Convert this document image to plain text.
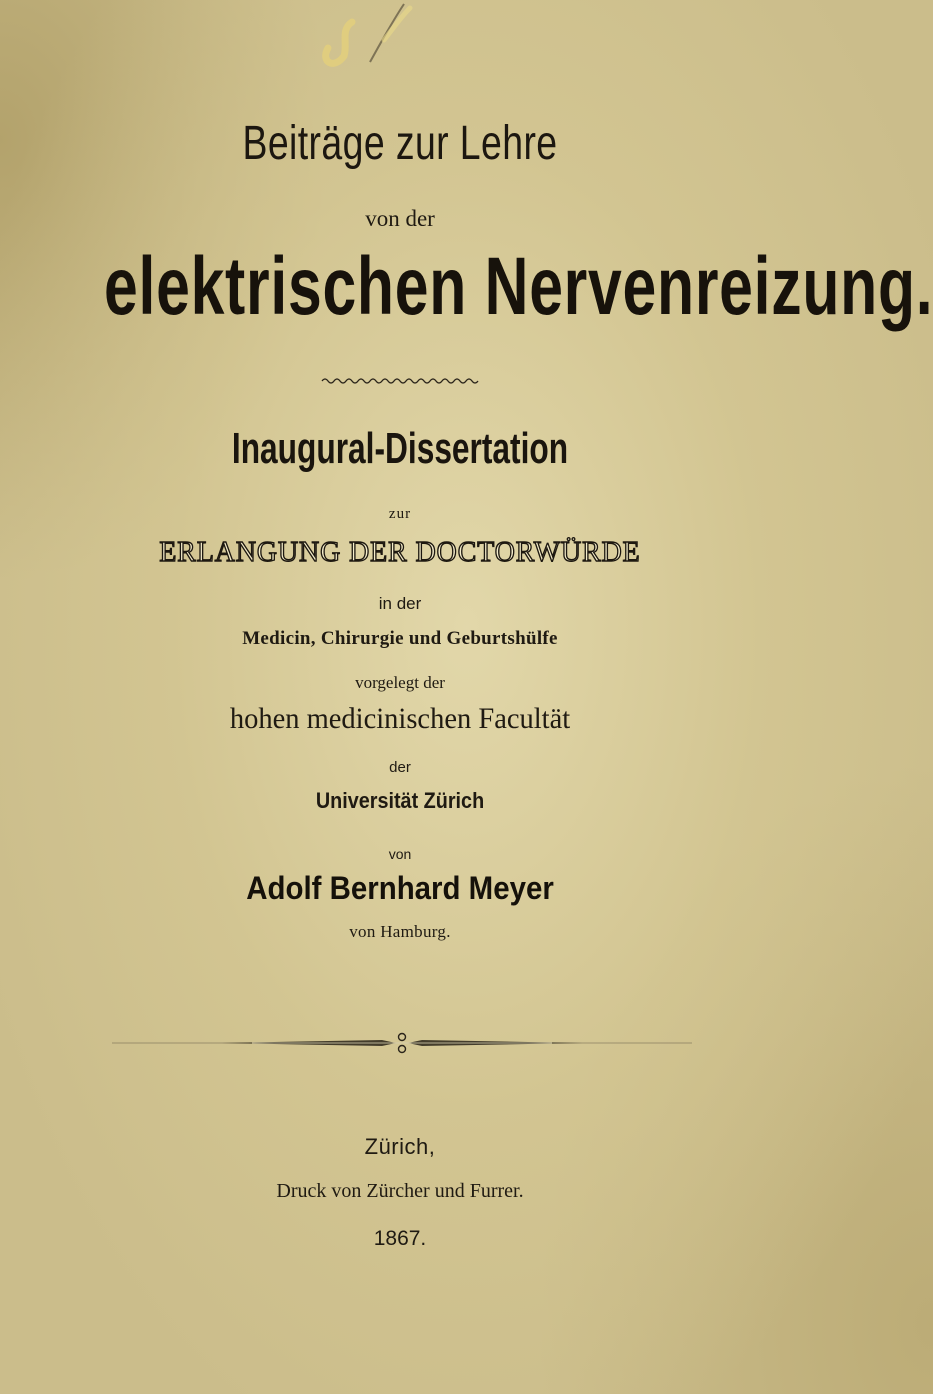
Beiträge zur Lehre

von der

elektrischen Nervenreizung.

Inaugural-Dissertation

zur

ERLANGUNG DER DOCTORWÜRDE

in der

Medicin, Chirurgie und Geburtshülfe

vorgelegt der

hohen medicinischen Facultät

der

Universität Zürich

von

Adolf Bernhard Meyer

von Hamburg.

Zürich,

Druck von Zürcher und Furrer.

1867.
